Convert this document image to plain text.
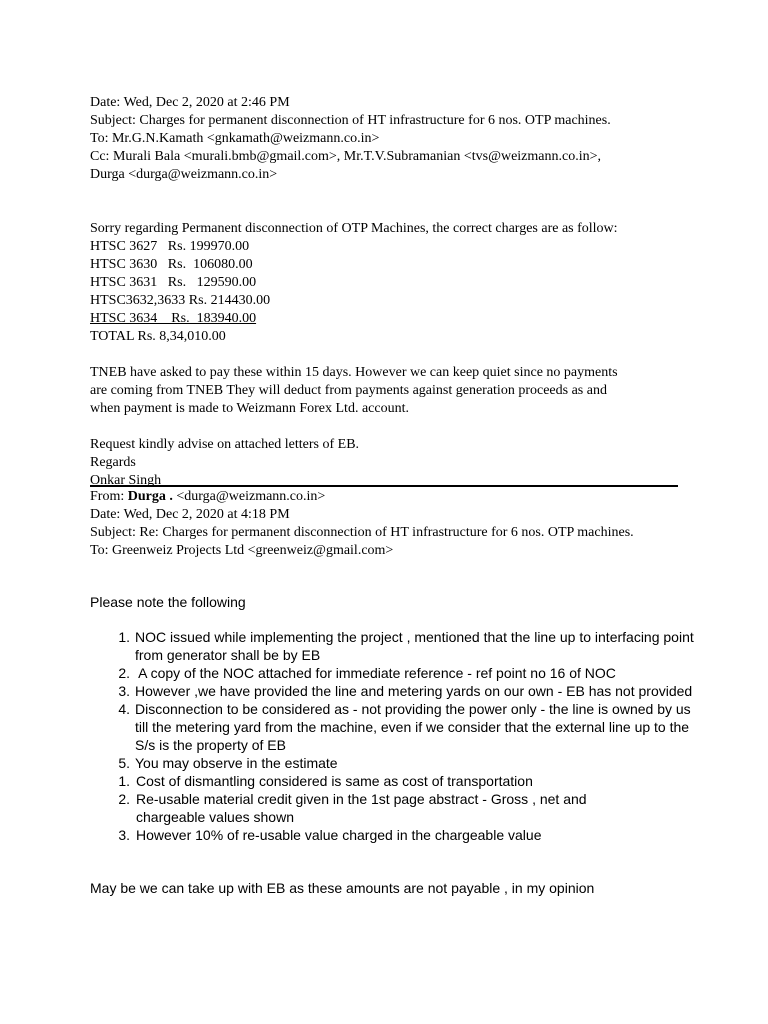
Date: Wed, Dec 2, 2020 at 2:46 PM
Subject: Charges for permanent disconnection of HT infrastructure for 6 nos. OTP machines.
To: Mr.G.N.Kamath <gnkamath@weizmann.co.in>
Cc: Murali Bala <murali.bmb@gmail.com>, Mr.T.V.Subramanian <tvs@weizmann.co.in>,
Durga <durga@weizmann.co.in>
Sorry regarding Permanent disconnection of OTP Machines, the correct charges are as follow:
HTSC 3627   Rs. 199970.00
HTSC 3630   Rs.  106080.00
HTSC 3631   Rs.   129590.00
HTSC3632,3633 Rs. 214430.00
HTSC 3634    Rs.  183940.00
TOTAL Rs. 8,34,010.00
TNEB have asked to pay these within 15 days. However we can keep quiet since no payments
are coming from TNEB They will deduct from payments against generation proceeds as and
when payment is made to Weizmann Forex Ltd. account.
Request kindly advise on attached letters of EB.
Regards
Onkar Singh
From: Durga . <durga@weizmann.co.in>
Date: Wed, Dec 2, 2020 at 4:18 PM
Subject: Re: Charges for permanent disconnection of HT infrastructure for 6 nos. OTP machines.
To: Greenweiz Projects Ltd <greenweiz@gmail.com>
Please note the following
1. NOC issued while implementing the project , mentioned that the line up to interfacing point from generator shall be by EB
2. A copy of the NOC attached for immediate reference - ref point no 16 of NOC
3. However ,we have provided the line and metering yards on our own - EB has not provided
4. Disconnection to be considered as - not providing the power only - the line is owned by us till the metering yard from the machine, even if we consider that the external line up to the S/s is the property of EB
5. You may observe in the estimate
1. Cost of dismantling considered is same as cost of transportation
2. Re-usable material credit given in the 1st page abstract - Gross , net and chargeable values shown
3. However 10% of re-usable value charged in the chargeable value
May be we can take up with EB as these amounts are not payable , in my opinion
